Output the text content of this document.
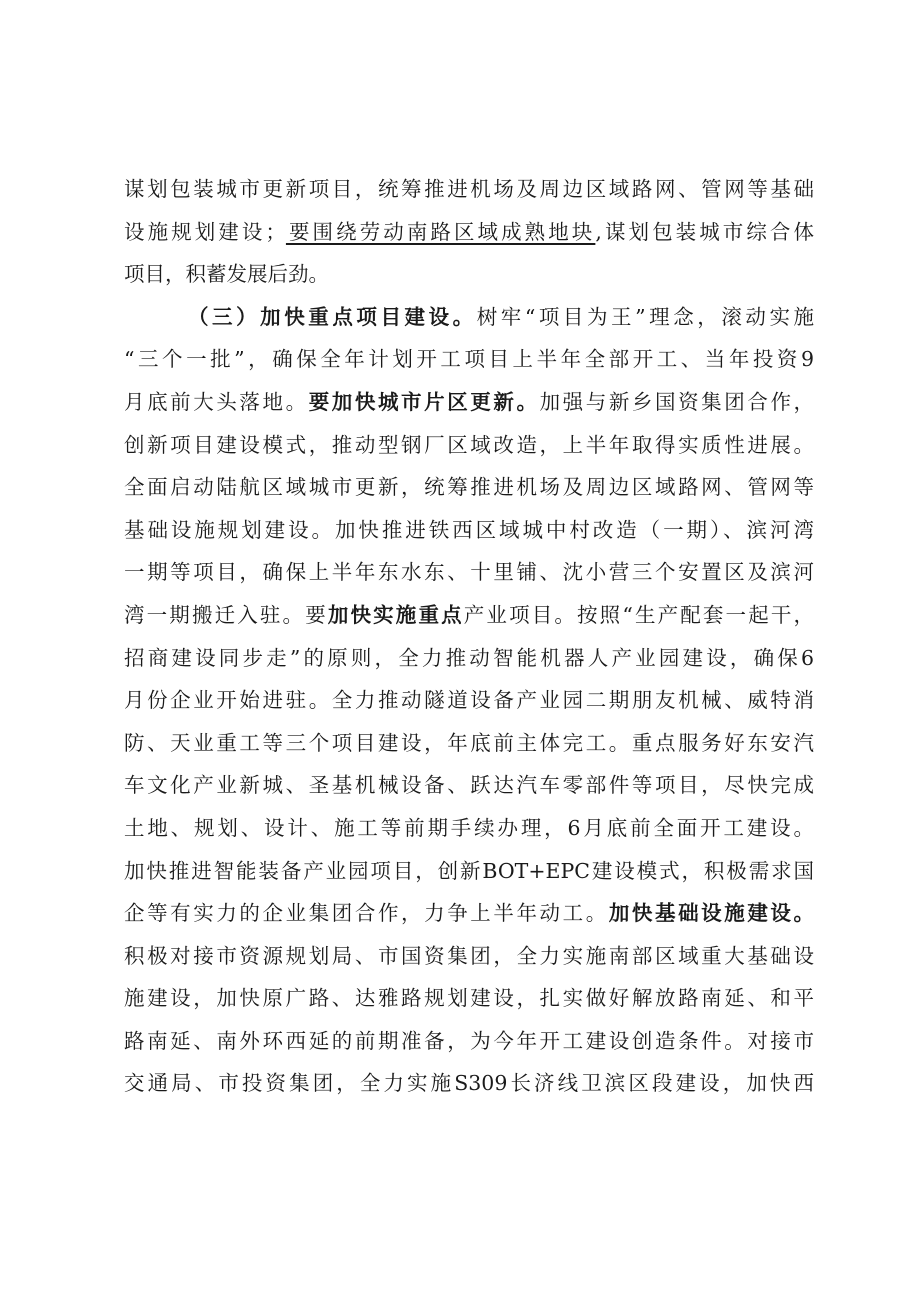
谋划包装城市更新项目，统筹推进机场及周边区域路网、管网等基础
设施规划建设；要围绕劳动南路区域成熟地块,谋划包装城市综合体
项目，积蓄发展后劲。
（三）加快重点项目建设。树牢“项目为王”理念，滚动实施
“三个一批”，确保全年计划开工项目上半年全部开工、当年投资9
月底前大头落地。要加快城市片区更新。加强与新乡国资集团合作，
创新项目建设模式，推动型钢厂区域改造，上半年取得实质性进展。
全面启动陆航区域城市更新，统筹推进机场及周边区域路网、管网等
基础设施规划建设。加快推进铁西区域城中村改造（一期）、滨河湾
一期等项目，确保上半年东水东、十里铺、沈小营三个安置区及滨河
湾一期搬迁入驻。要加快实施重点产业项目。按照“生产配套一起干，
招商建设同步走”的原则，全力推动智能机器人产业园建设，确保6
月份企业开始进驻。全力推动隧道设备产业园二期朋友机械、威特消
防、天业重工等三个项目建设，年底前主体完工。重点服务好东安汽
车文化产业新城、圣基机械设备、跃达汽车零部件等项目，尽快完成
土地、规划、设计、施工等前期手续办理，6月底前全面开工建设。
加快推进智能装备产业园项目，创新BOT+EPC建设模式，积极需求国
企等有实力的企业集团合作，力争上半年动工。加快基础设施建设。
积极对接市资源规划局、市国资集团，全力实施南部区域重大基础设
施建设，加快原广路、达雅路规划建设，扎实做好解放路南延、和平
路南延、南外环西延的前期准备，为今年开工建设创造条件。对接市
交通局、市投资集团，全力实施S309长济线卫滨区段建设，加快西
